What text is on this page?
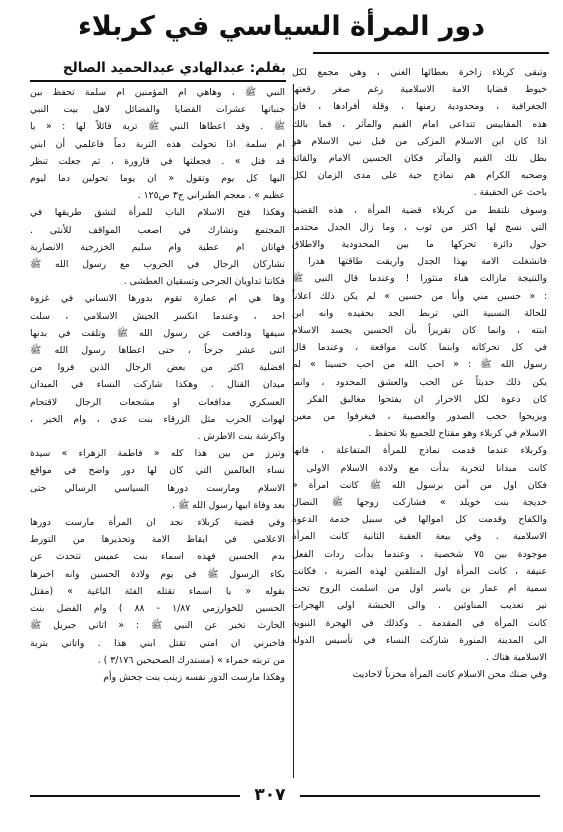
دور المرأة السياسي في كربلاء
بقلم: عبدالهادي عبدالحميد الصالح وتبقى كربلاء زاخرة بعطائها الغني ، وهي مجمع لكل
خيوط قضايا الامة الاسلامية رغم صغر رقعتها
الجغرافية ، ومحدودية زمنها ، وقلة أفرادها ، فان
هذه المقاييس تتداعى امام القيم والمآثر ، فما بالك
اذا كان ابن الاسلام المزكى من قبل نبي الاسلام هو
بطل تلك القيم والمآثر فكان الحسين الامام والقائد
وصحبه الكرام هم نماذج حية على مدى الزمان لكل
باحث عن الحقيقة .

وسوف نلتقط من كربلاء قضية المرأة ، هذه القضية
التي نسج لها اكثر من ثوب ، وما زال الجدل محتدما
حول دائرة تحركها ما بين المحدودية والاطلاق
فانشغلت الامة بهذا الجدل واريقت طاقتها هدرا ،
والنتيجة مازالت هباء منثورا ! وعندما قال النبي ﷺ
: « حسين مني وأنا من حسين » لم يكن ذلك اعلاناً
للحالة النسبية التي تربط الجد بحفيده وانه ابن
ابنته ، وانما كان تقريراً بأن الحسين يجسد الاسلام
في كل تحركاته وابنما كانت مواقعة ، وعندما قال
رسول الله ﷺ : « احب الله من احب حسينا » لم
يكن ذلك حديثاً عن الحب والعشق المحدود ، وانما
كان دعوة لكل الاحرار ان يفتحوا مغاليق الفكر ،
ويزيحوا حجب الصدور والعصبية ، فيغرفوا من معين
الاسلام في كربلاء وهو مفتاح للجميع بلا تحفظ .

وكربلاء عندما قدمت نماذج للمرأة المتفاعلة ، فانها
كانت مبدانا لتجربة بدأت مع ولادة الاسلام الاولى ،
فكان اول من آمن برسول الله ﷺ كانت امرأة «
خديجة بنت خويلد » فشاركت زوجها ﷺ النضال
والكفاح وقدمت كل اموالها في سبيل خدمة الدعوة
الاسلامية . وفي بيعة العقبة الثانية كانت المرأة
موجودة بين ٧٥ شخصية ، وعندما بدأت ردات الفعل
عنيفة ، كانت المرأة اول المتلقين لهذه الضربة ، فكانت
سمية ام عمار بن ياسر اول من اسلمت الروح تحت
نير تعذيب المناوئين . والى الحبشة اولى الهجرات
كانت المرأة في المقدمة . وكذلك في الهجرة النبوية
الى المدينة المنورة شاركت النساء في تأسيس الدولة
الاسلامية هناك .

وفي ضنك محن الاسلام كانت المرأة مخزناً لاحاديث

النبي ﷺ ، وهاهي ام المؤمنين ام سلمة تحفظ بين
جنباتها عشرات القضايا والفضائل لاهل بيت النبي
ﷺ . وقد اعطاها النبي ﷺ تربة قائلاً لها : « يا
ام سلمة اذا تحولت هذه التربة دماً فاعلمي أن ابني
قد قتل » . فجعلتها في قارورة ، ثم جعلت تنظر
اليها كل يوم وتقول « ان يوما تحولين دما ليوم
عظيم » . معجم الطبراني ج٣ ص١٢٥ .

وهكذا فتح الاسلام الباب للمرأة لتشق طريقها في
المجتمع وتشارك في اصعب المواقف للأنثى .
فهاتان ام عطية وام سليم الخزرجية الانصارية
تشاركان الرجال في الحروب مع رسول الله ﷺ
فكانتا تداويان الجرحى وتسقيان العطشى .

وها هي ام عمارة تقوم بدورها الانساني في غزوة
احد ، وعندما انكسر الجيش الاسلامي ، سلت
سيفها ودافعت عن رسول الله ﷺ وتلقت في بدنها
اثنى عشر جرحاً ، حتى اعطاها رسول الله ﷺ
افضلية اكثر من بعض الرجال الذين فروا من
ميدان القتال . وهكذا شاركت النساء في الميدان
العسكري مدافعات او مشجعات الرجال لاقتحام
لهوات الحرب مثل الزرقاء بنت عدي ، وام الخير ،
واكرشة بنت الاطرش .

وتبرز من بين هذا كله « فاطمة الزهراء » سيدة
نساء العالمين التي كان لها دور واضح في مواقع
الاسلام ومارست دورها السياسي الرسالي حتى
بعد وفاة ابيها رسول الله ﷺ .

وفي قضية كربلاء نجد ان المرأة مارست دورها
الاعلامي في ايقاظ الامة وتحذيرها من التورط
بدم الحسين فهذه اسماء بنت عميس تتحدث عن
بكاء الرسول ﷺ في يوم ولادة الحسين وانه اخبرها
بقوله « يا اسماء تقتله الفئة الباغية » (مقتل
الحسين للخوارزمي ١/٨٧ - ٨٨ ) وام الفضل بنت
الحارث تخبر عن النبي ﷺ : « اتاني جبريل ﷺ
فاخبرني ان امتي تقتل ابني هذا . واتاني بتربة
من تربته حمراء » (مستدرك الصحيحين ٣/١٧٦ ) .

وهكذا مارست الدور نفسه زينب بنت جحش وأم

٣٠٧
